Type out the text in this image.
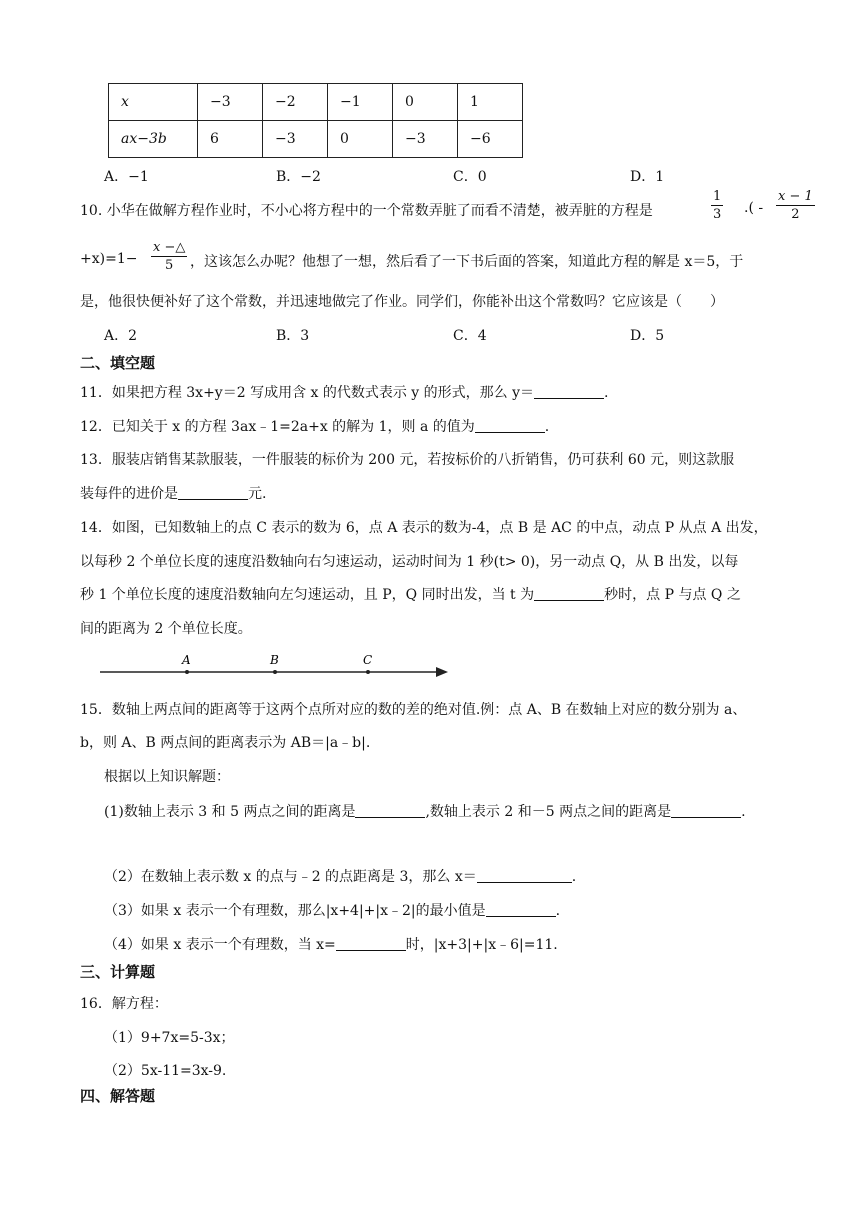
x	−3	−2	−1	0	1
ax−3b	6	−3	0	−3	−6
A．−1	B．−2	C．0	D．1
10. 小华在做解方程作业时，不小心将方程中的一个常数弄脏了而看不清楚，被弄脏的方程是
1
3 .( -
x − 1
2
+x)=1−
x −△
5 ，这该怎么办呢？他想了一想，然后看了一下书后面的答案，知道此方程的解是 x＝5，于
是，他很快便补好了这个常数，并迅速地做完了作业。同学们，你能补出这个常数吗？它应该是（　　）
A．2	B．3	C．4	D．5
二、填空题
11．如果把方程 3x+y＝2 写成用含 x 的代数式表示 y 的形式，那么 y＝	.
12．已知关于 x 的方程 3ax﹣1=2a+x 的解为 1，则 a 的值为	.
13．服装店销售某款服装，一件服装的标价为 200 元，若按标价的八折销售，仍可获利 60 元，则这款服
装每件的进价是	元.
14．如图，已知数轴上的点 C 表示的数为 6，点 A 表示的数为-4，点 B 是 AC 的中点，动点 P 从点 A 出发，
以每秒 2 个单位长度的速度沿数轴向右匀速运动，运动时间为 1 秒(t> 0)，另一动点 Q，从 B 出发，以每
秒 1 个单位长度的速度沿数轴向左匀速运动，且 P，Q 同时出发，当 t 为	秒时，点 P 与点 Q 之
间的距离为 2 个单位长度。
A	B	C
15．数轴上两点间的距离等于这两个点所对应的数的差的绝对值.例：点 A、B 在数轴上对应的数分别为 a、
b，则 A、B 两点间的距离表示为 AB＝|a﹣b|.
根据以上知识解题：
(1)数轴上表示 3 和 5 两点之间的距离是	,数轴上表示 2 和－5 两点之间的距离是	.
（2）在数轴上表示数 x 的点与﹣2 的点距离是 3，那么 x＝	.
（3）如果 x 表示一个有理数，那么|x+4|+|x﹣2|的最小值是	.
（4）如果 x 表示一个有理数，当 x=	时，|x+3|+|x﹣6|=11.
三、计算题
16．解方程：
（1）9+7x=5-3x；
（2）5x-11=3x-9.
四、解答题
